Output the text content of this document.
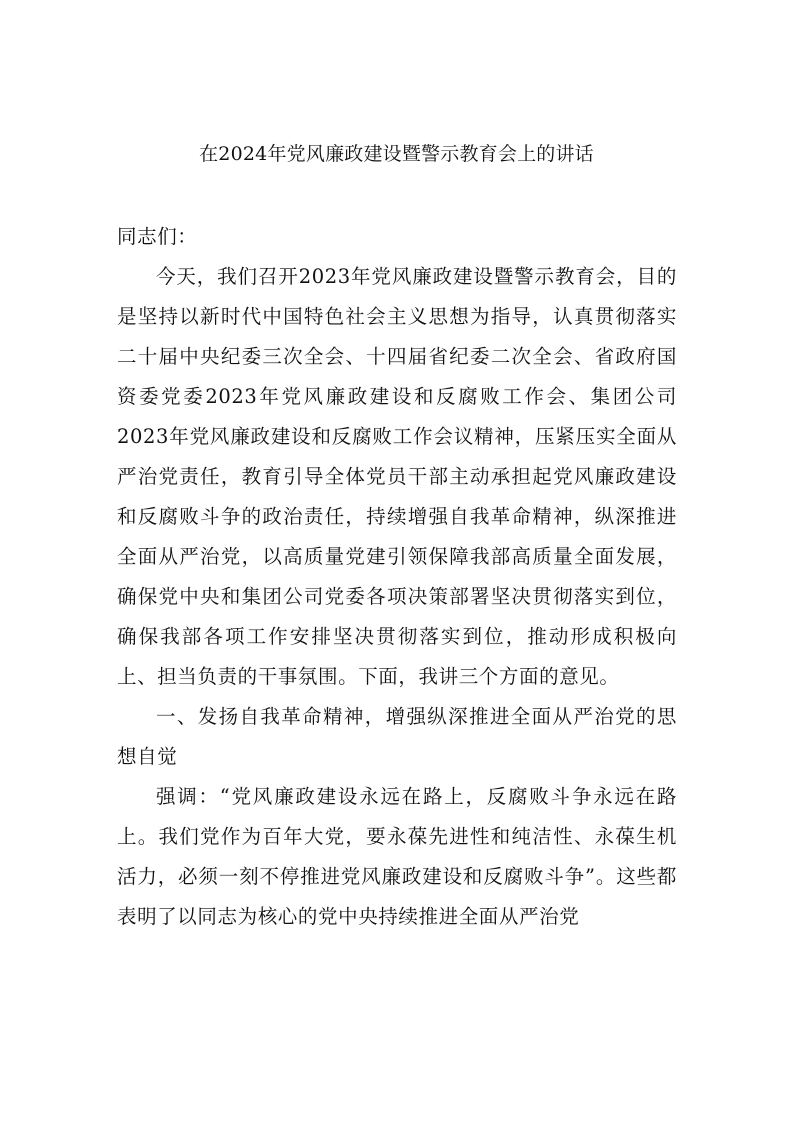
在2024年党风廉政建设暨警示教育会上的讲话

同志们：

今天，我们召开2023年党风廉政建设暨警示教育会，目的是坚持以新时代中国特色社会主义思想为指导，认真贯彻落实二十届中央纪委三次全会、十四届省纪委二次全会、省政府国资委党委2023年党风廉政建设和反腐败工作会、集团公司2023年党风廉政建设和反腐败工作会议精神，压紧压实全面从严治党责任，教育引导全体党员干部主动承担起党风廉政建设和反腐败斗争的政治责任，持续增强自我革命精神，纵深推进全面从严治党，以高质量党建引领保障我部高质量全面发展，确保党中央和集团公司党委各项决策部署坚决贯彻落实到位，确保我部各项工作安排坚决贯彻落实到位，推动形成积极向上、担当负责的干事氛围。下面，我讲三个方面的意见。

一、发扬自我革命精神，增强纵深推进全面从严治党的思想自觉

强调：“党风廉政建设永远在路上，反腐败斗争永远在路上。我们党作为百年大党，要永葆先进性和纯洁性、永葆生机活力，必须一刻不停推进党风廉政建设和反腐败斗争”。这些都表明了以同志为核心的党中央持续推进全面从严治党
